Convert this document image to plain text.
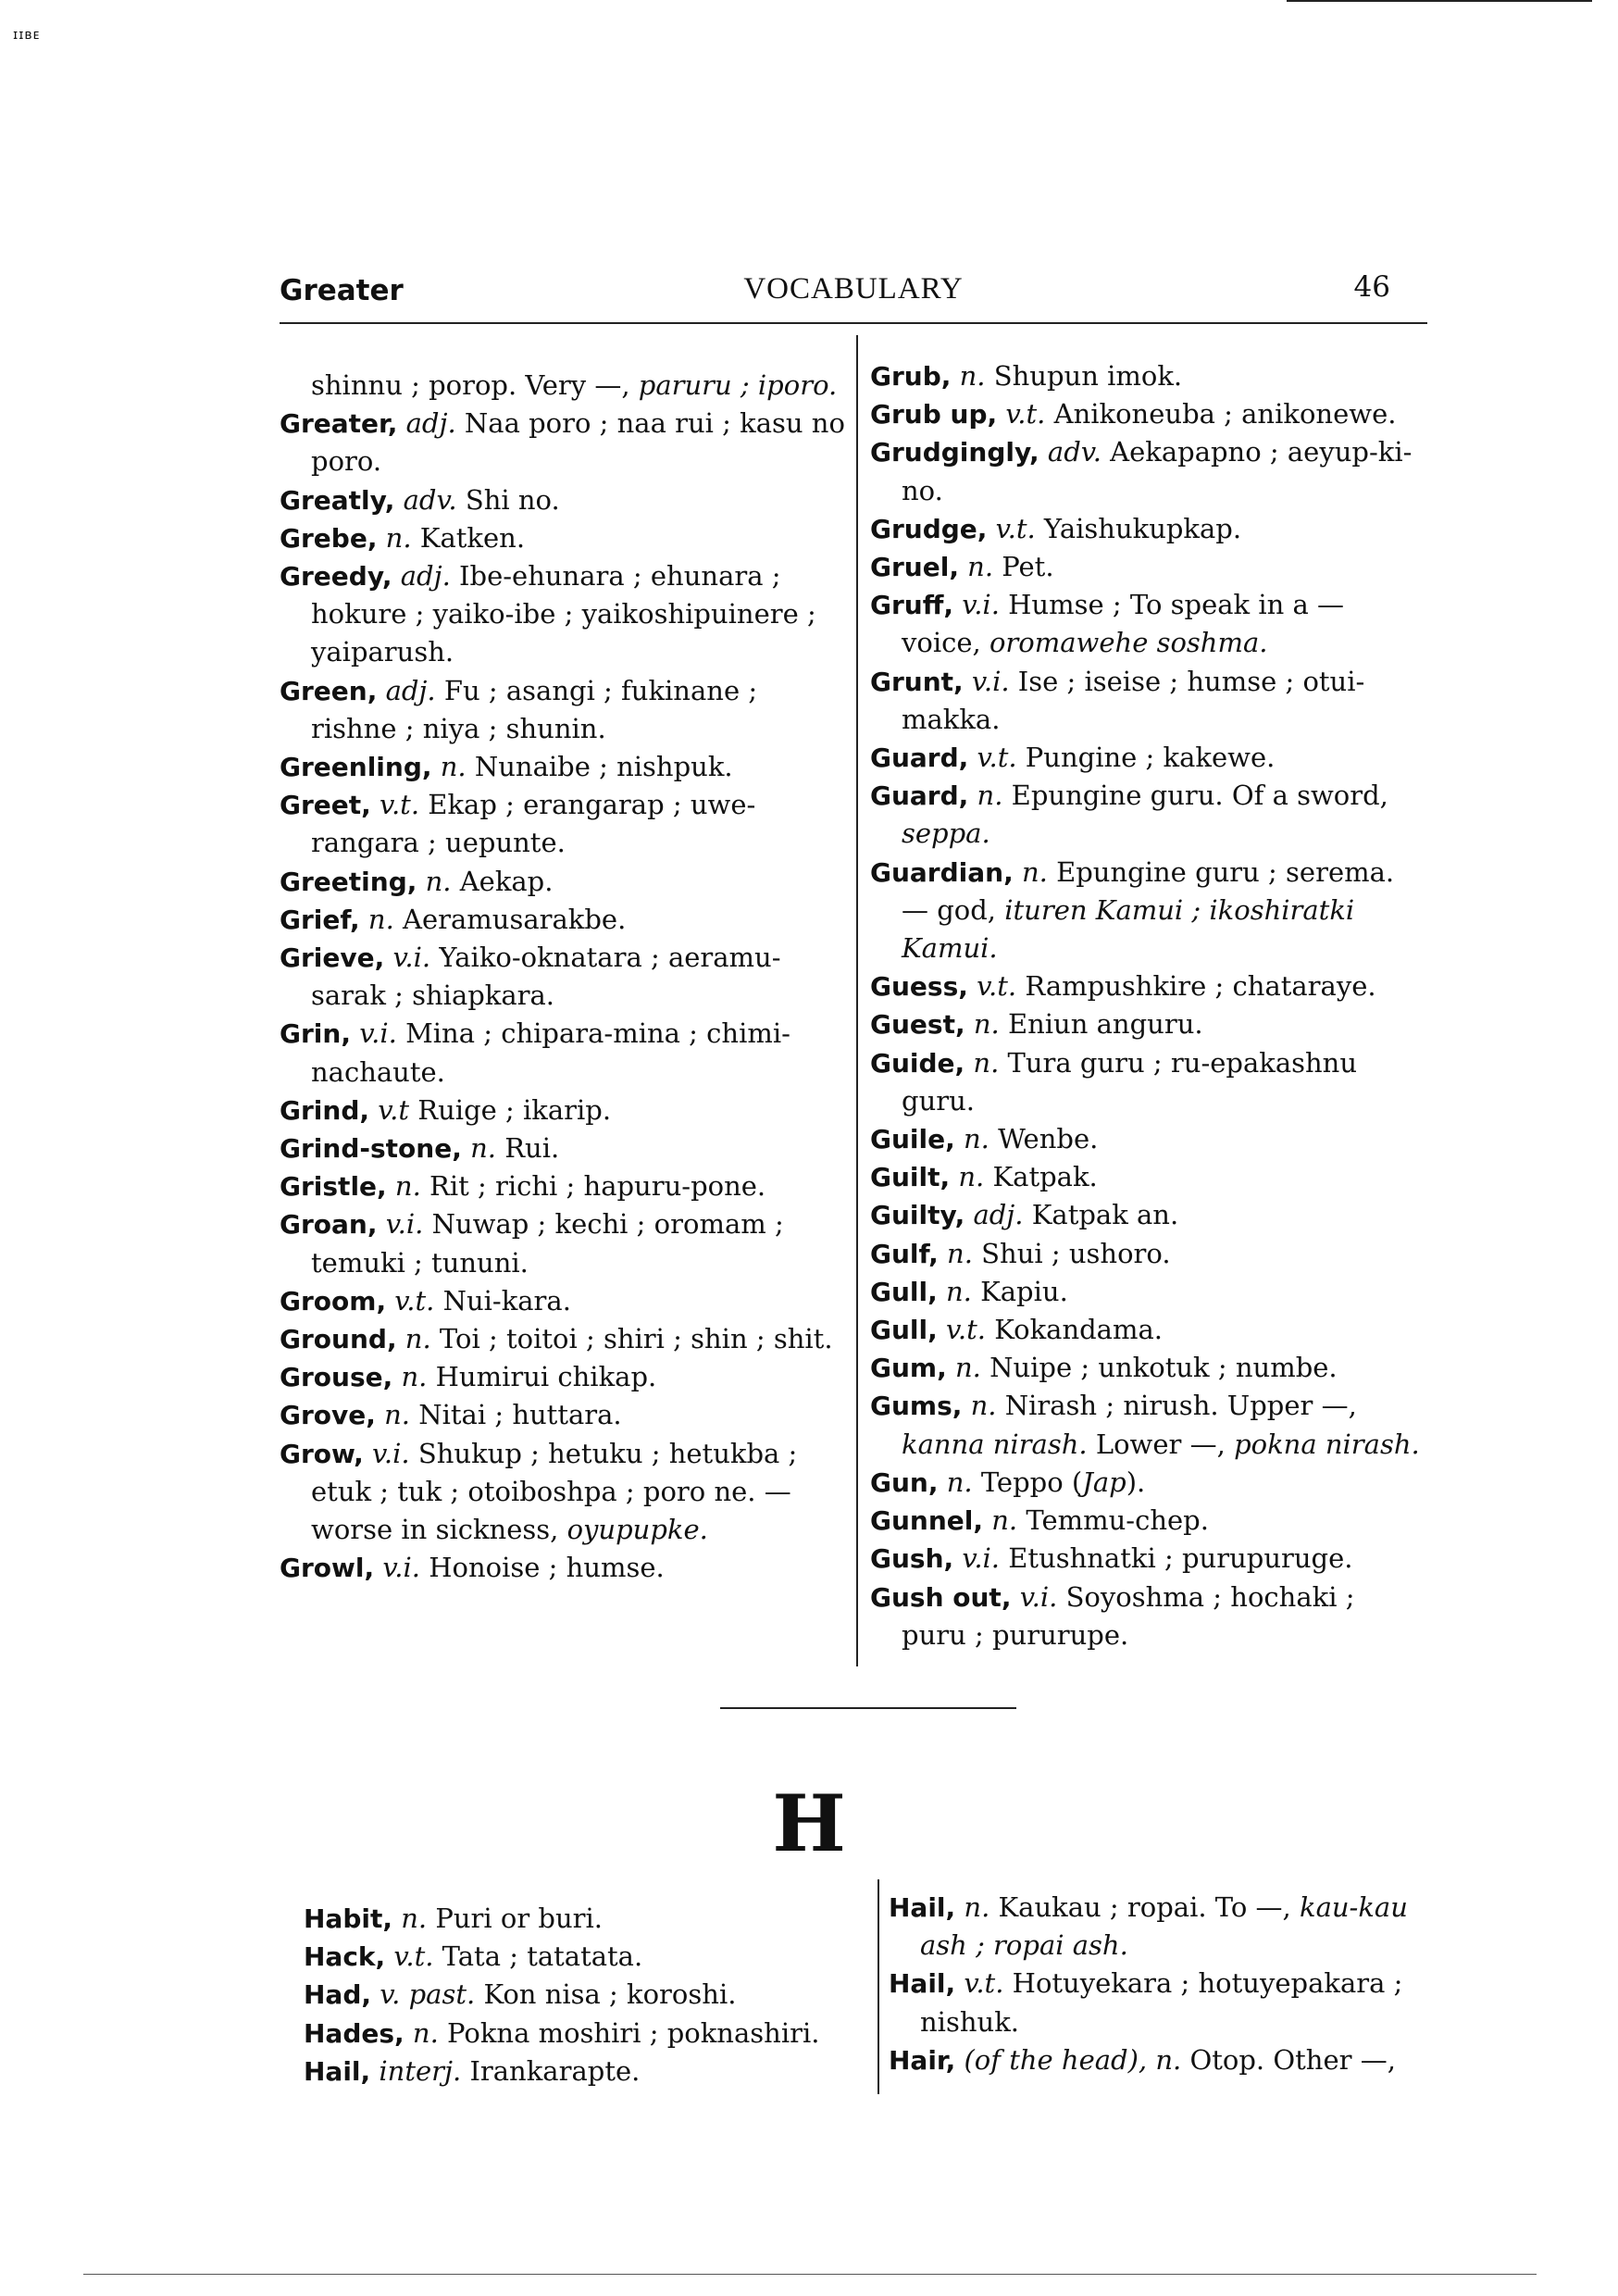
ɪɪʙᴇ
Greater	VOCABULARY	46

shinnu ; porop. Very —, paruru ; iporo.

Greater, adj. Naa poro ; naa rui ; kasu no poro.

Greatly, adv. Shi no.

Grebe, n. Katken.

Greedy, adj. Ibe-ehunara ; ehunara ; hokure ; yaiko-ibe ; yaikoshipuinere ; yaiparush.

Green, adj. Fu ; asangi ; fukinane ; rishne ; niya ; shunin.

Greenling, n. Nunaibe ; nishpuk.

Greet, v.t. Ekap ; erangarap ; uwe-rangara ; uepunte.

Greeting, n. Aekap.

Grief, n. Aeramusarakbe.

Grieve, v.i. Yaiko-oknatara ; aeramu-sarak ; shiapkara.

Grin, v.i. Mina ; chipara-mina ; chimi-nachaute.

Grind, v.t Ruige ; ikarip.

Grind-stone, n. Rui.

Gristle, n. Rit ; richi ; hapuru-pone.

Groan, v.i. Nuwap ; kechi ; oromam ; temuki ; tununi.

Groom, v.t. Nui-kara.

Ground, n. Toi ; toitoi ; shiri ; shin ; shit.

Grouse, n. Humirui chikap.

Grove, n. Nitai ; huttara.

Grow, v.i. Shukup ; hetuku ; hetukba ; etuk ; tuk ; otoiboshpa ; poro ne. — worse in sickness, oyupupke.

Growl, v.i. Honoise ; humse.

Grub, n. Shupun imok.

Grub up, v.t. Anikoneuba ; anikonewe.

Grudgingly, adv. Aekapapno ; aeyup-ki-no.

Grudge, v.t. Yaishukupkap.

Gruel, n. Pet.

Gruff, v.i. Humse ; To speak in a — voice, oromawehe soshma.

Grunt, v.i. Ise ; iseise ; humse ; otui-makka.

Guard, v.t. Pungine ; kakewe.

Guard, n. Epungine guru. Of a sword, seppa.

Guardian, n. Epungine guru ; serema. — god, ituren Kamui ; ikoshiratki Kamui.

Guess, v.t. Rampushkire ; chataraye.

Guest, n. Eniun anguru.

Guide, n. Tura guru ; ru-epakashnu guru.

Guile, n. Wenbe.

Guilt, n. Katpak.

Guilty, adj. Katpak an.

Gulf, n. Shui ; ushoro.

Gull, n. Kapiu.

Gull, v.t. Kokandama.

Gum, n. Nuipe ; unkotuk ; numbe.

Gums, n. Nirash ; nirush. Upper —, kanna nirash. Lower —, pokna nirash.

Gun, n. Teppo (Jap).

Gunnel, n. Temmu-chep.

Gush, v.i. Etushnatki ; purupuruge.

Gush out, v.i. Soyoshma ; hochaki ; puru ; pururupe.

H

Habit, n. Puri or buri.

Hack, v.t. Tata ; tatatata.

Had, v. past. Kon nisa ; koroshi.

Hades, n. Pokna moshiri ; poknashiri.

Hail, interj. Irankarapte.

Hail, n. Kaukau ; ropai. To —, kau-kau ash ; ropai ash.

Hail, v.t. Hotuyekara ; hotuyepakara ; nishuk.

Hair, (of the head), n. Otop. Other —,
